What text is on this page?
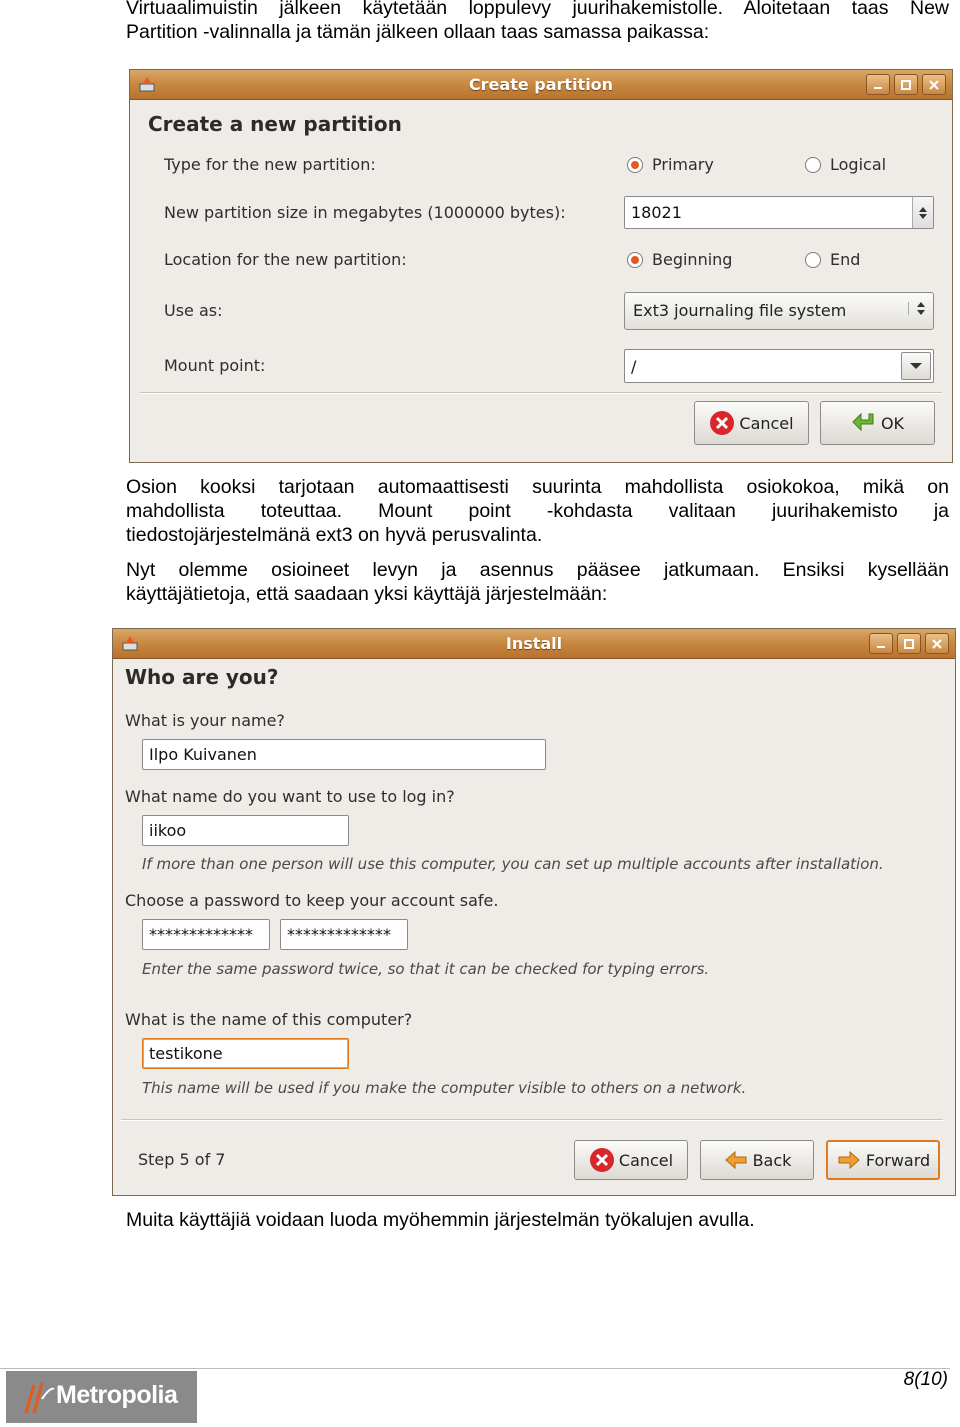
Virtuaalimuistin jälkeen käytetään loppulevy juurihakemistolle. Aloitetaan taas New
Partition -valinnalla ja tämän jälkeen ollaan taas samassa paikassa:
Create partition
Create a new partition
Type for the new partition:	Primary	Logical
New partition size in megabytes (1000000 bytes):	18021
Location for the new partition:	Beginning	End
Use as:	Ext3 journaling file system
Mount point:	/
Cancel	OK
Osion kooksi tarjotaan automaattisesti suurinta mahdollista osiokokoa, mikä on
mahdollista toteuttaa. Mount point -kohdasta valitaan juurihakemisto ja
tiedostojärjestelmänä ext3 on hyvä perusvalinta.
Nyt olemme osioineet levyn ja asennus pääsee jatkumaan. Ensiksi kysellään
käyttäjätietoja, että saadaan yksi käyttäjä järjestelmään:
Install
Who are you?
What is your name?
Ilpo Kuivanen
What name do you want to use to log in?
iikoo
If more than one person will use this computer, you can set up multiple accounts after installation.
Choose a password to keep your account safe.
*************	*************
Enter the same password twice, so that it can be checked for typing errors.
What is the name of this computer?
testikone
This name will be used if you make the computer visible to others on a network.
Step 5 of 7	Cancel	Back	Forward
Muita käyttäjiä voidaan luoda myöhemmin järjestelmän työkalujen avulla.
Metropolia
8(10)
